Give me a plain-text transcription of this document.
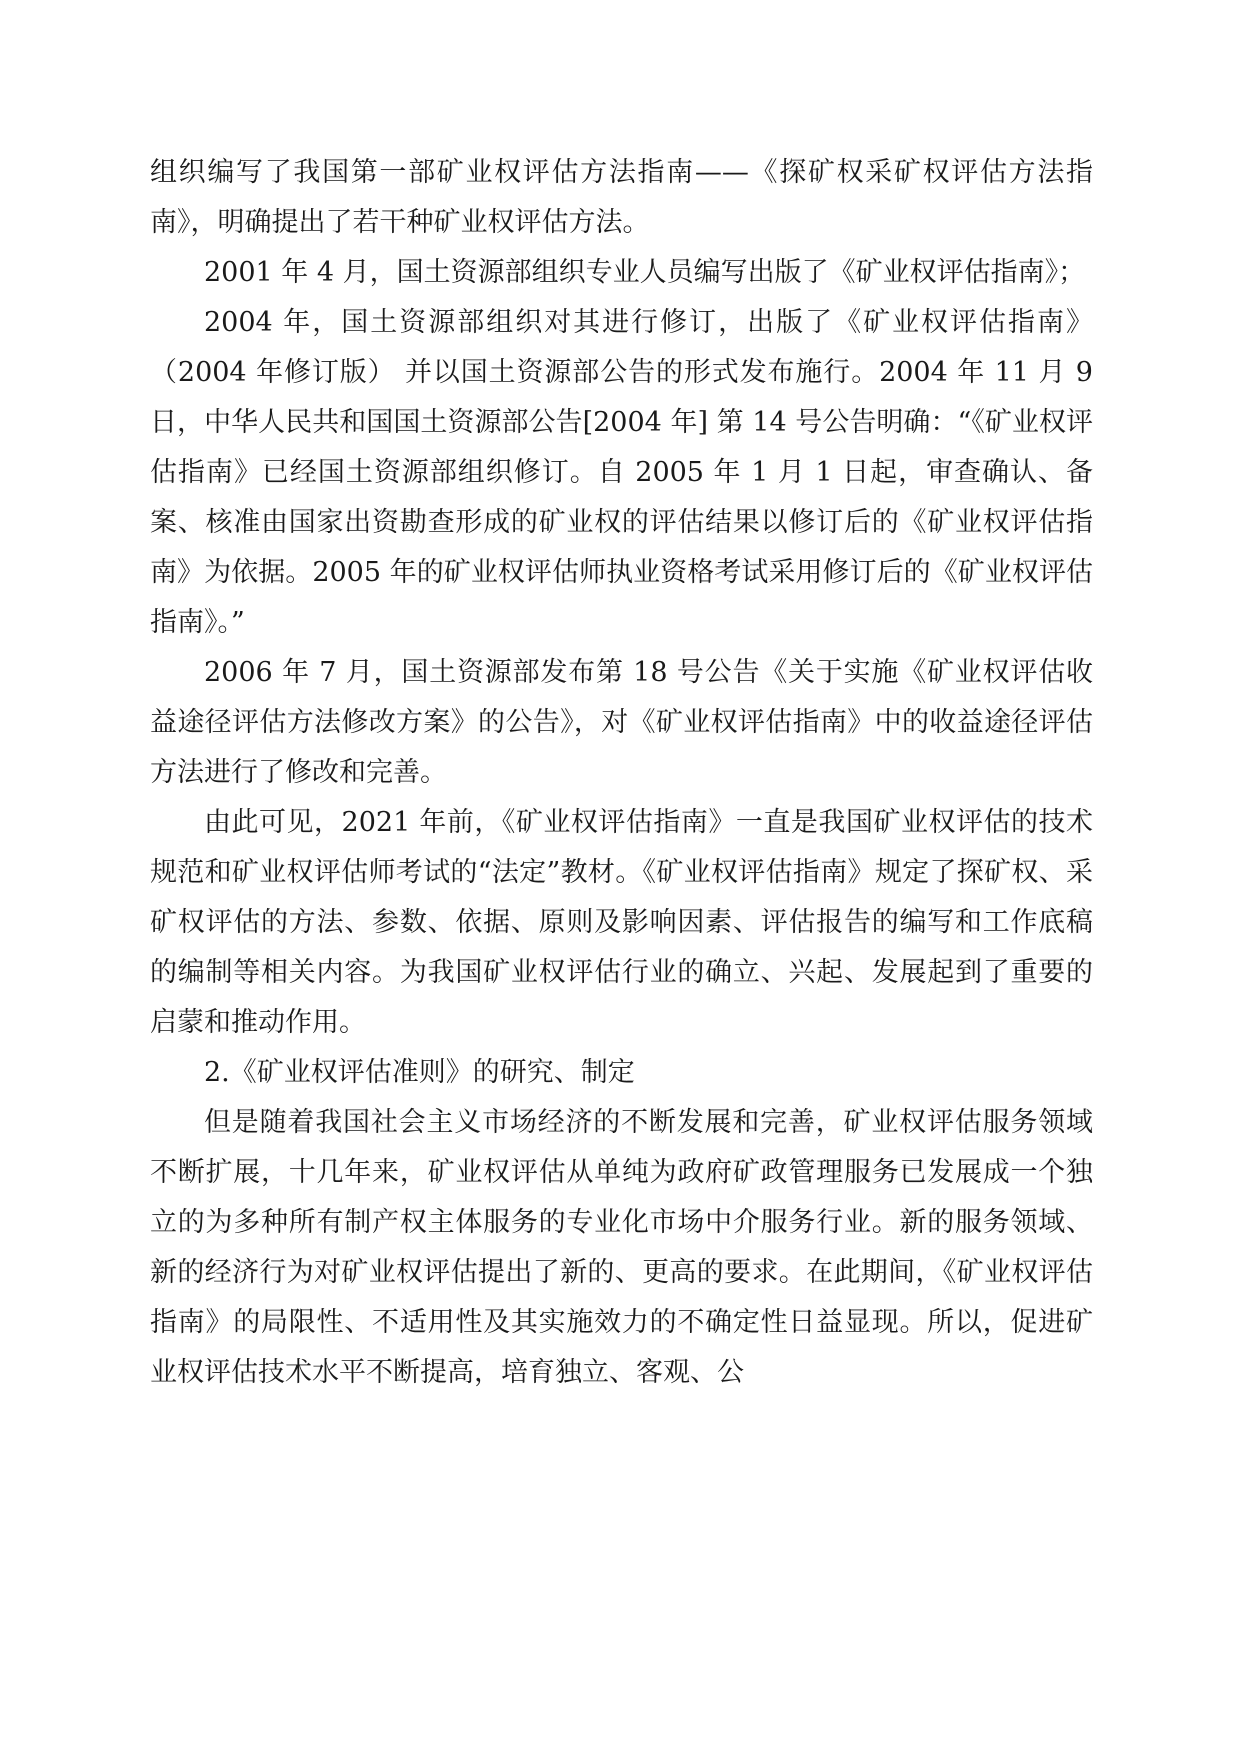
组织编写了我国第一部矿业权评估方法指南——《探矿权采矿权评估方法指南》，明确提出了若干种矿业权评估方法。

2001 年 4 月，国土资源部组织专业人员编写出版了《矿业权评估指南》；

2004 年，国土资源部组织对其进行修订，出版了《矿业权评估指南》（2004 年修订版） 并以国土资源部公告的形式发布施行。2004 年 11 月 9 日，中华人民共和国国土资源部公告[2004 年] 第 14 号公告明确：“《矿业权评估指南》已经国土资源部组织修订。自 2005 年 1 月 1 日起，审查确认、备案、核准由国家出资勘查形成的矿业权的评估结果以修订后的《矿业权评估指南》为依据。2005 年的矿业权评估师执业资格考试采用修订后的《矿业权评估指南》。”

2006 年 7 月，国土资源部发布第 18 号公告《关于实施《矿业权评估收益途径评估方法修改方案》的公告》，对《矿业权评估指南》中的收益途径评估方法进行了修改和完善。

由此可见，2021 年前，《矿业权评估指南》一直是我国矿业权评估的技术规范和矿业权评估师考试的“法定”教材。《矿业权评估指南》规定了探矿权、采矿权评估的方法、参数、依据、原则及影响因素、评估报告的编写和工作底稿的编制等相关内容。为我国矿业权评估行业的确立、兴起、发展起到了重要的启蒙和推动作用。

2.《矿业权评估准则》的研究、制定

但是随着我国社会主义市场经济的不断发展和完善，矿业权评估服务领域不断扩展，十几年来，矿业权评估从单纯为政府矿政管理服务已发展成一个独立的为多种所有制产权主体服务的专业化市场中介服务行业。新的服务领域、新的经济行为对矿业权评估提出了新的、更高的要求。在此期间，《矿业权评估指南》的局限性、不适用性及其实施效力的不确定性日益显现。所以，促进矿业权评估技术水平不断提高，培育独立、客观、公
